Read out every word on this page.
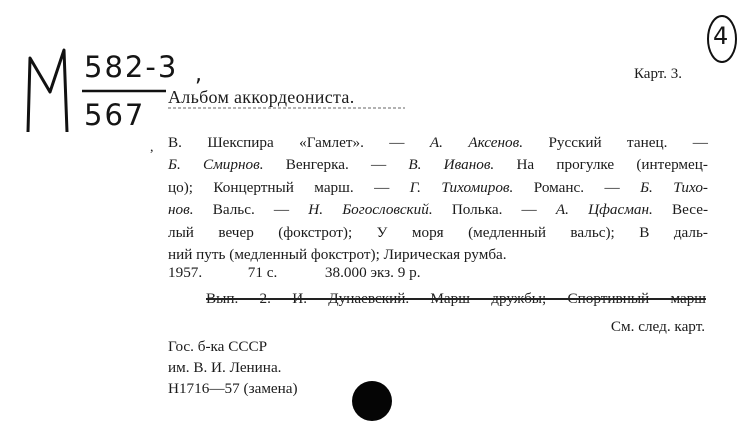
4
582-3
567
,
Альбом аккордеониста.
Карт. 3.
, В. Шекспира «Гамлет». — А. Аксенов. Русский танец. —
Б. Смирнов. Венгерка. — В. Иванов. На прогулке (интермец-
цо); Концертный марш. — Г. Тихомиров. Романс. — Б. Тихо-
нов. Вальс. — Н. Богословский. Полька. — А. Цфасман. Весе-
лый вечер (фокстрот); У моря (медленный вальс); В даль-
ний путь (медленный фокстрот); Лирическая румба.
1957.	71 с.	38.000 экз. 9 р.
Вып. 2. И. Дунаевский. Марш дружбы; Спортивный марш
См. след. карт.
Гос. б-ка СССР
им. В. И. Ленина.
Н1716—57 (замена)
